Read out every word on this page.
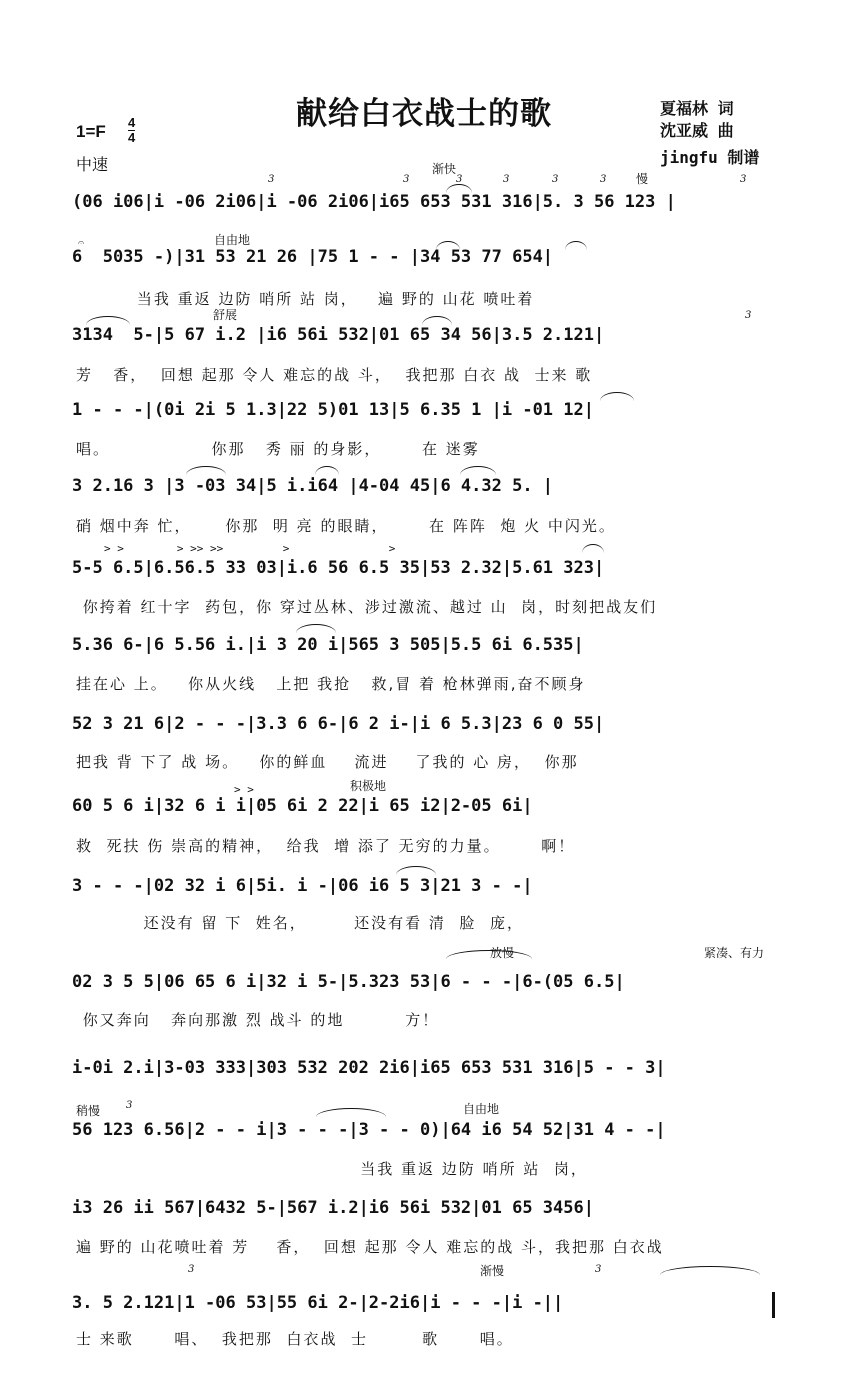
献给白衣战士的歌	夏福林 词
沈亚威 曲
jingfu 制谱
1=F 4
4
中速	渐快
慢
自由地
舒展
积极地
放慢	紧凑、有力
稍慢	自由地
渐慢
> >        > >> >>         >               >
> >
𝄐
3	3	3	3	3	3	3
3
3	3
3
(06 i06|i -06 2i06|i -06 2i06|i65 653 531 316|5. 3 56 123 |
6  5035 -)|31 53 21 26 |75 1 - - |34 53 77 654|
当我 重返 边防 哨所 站 岗，   遍 野的 山花 喷吐着
3134  5-|5 67 i.2 |i6 56i 532|01 65 34 56|3.5 2.121|
芳   香，  回想 起那 令人 难忘的战 斗，  我把那 白衣 战  士来 歌
1 - - -|(0i 2i 5 1.3|22 5)01 13|5 6.35 1 |i -01 12|
唱。               你那   秀 丽 的身影，      在 迷雾
3 2.16 3 |3 -03 34|5 i.i64 |4-04 45|6 4.32 5. |
硝 烟中奔 忙，     你那  明 亮 的眼睛，      在 阵阵  炮 火 中闪光。
5-5 6.5|6.56.5 33 03|i.6 56 6.5 35|53 2.32|5.61 323|
你挎着 红十字  药包，你 穿过丛林、涉过激流、越过 山  岗，时刻把战友们
5.36 6-|6 5.56 i.|i 3 20 i|565 3 505|5.5 6i 6.535|
挂在心 上。   你从火线   上把 我抢   救,冒 着 枪林弹雨,奋不顾身
52 3 21 6|2 - - -|3.3 6 6-|6 2 i-|i 6 5.3|23 6 0 55|
把我 背 下了 战 场。   你的鲜血    流进    了我的 心 房，  你那
60 5 6 i|32 6 i i|05 6i 2 22|i 65 i2|2-05 6i|
救  死扶 伤 崇高的精神，  给我  增 添了 无穷的力量。      啊！
3 - - -|02 32 i 6|5i. i -|06 i6 5 3|21 3 - -|
还没有 留 下  姓名，       还没有看 清  脸  庞，
02 3 5 5|06 65 6 i|32 i 5-|5.323 53|6 - - -|6-(05 6.5|
你又奔向   奔向那激 烈 战斗 的地         方！
i-0i 2.i|3-03 333|303 532 202 2i6|i65 653 531 316|5 - - 3|
56 123 6.56|2 - - i|3 - - -|3 - - 0)|64 i6 54 52|31 4 - -|
当我 重返 边防 哨所 站  岗，
i3 26 ii 567|6432 5-|567 i.2|i6 56i 532|01 65 3456|
遍 野的 山花喷吐着 芳    香，  回想 起那 令人 难忘的战 斗，我把那 白衣战
3. 5 2.121|1 -06 53|55 6i 2-|2-2i6|i - - -|i -||
士 来歌      唱、  我把那  白衣战  士        歌      唱。
